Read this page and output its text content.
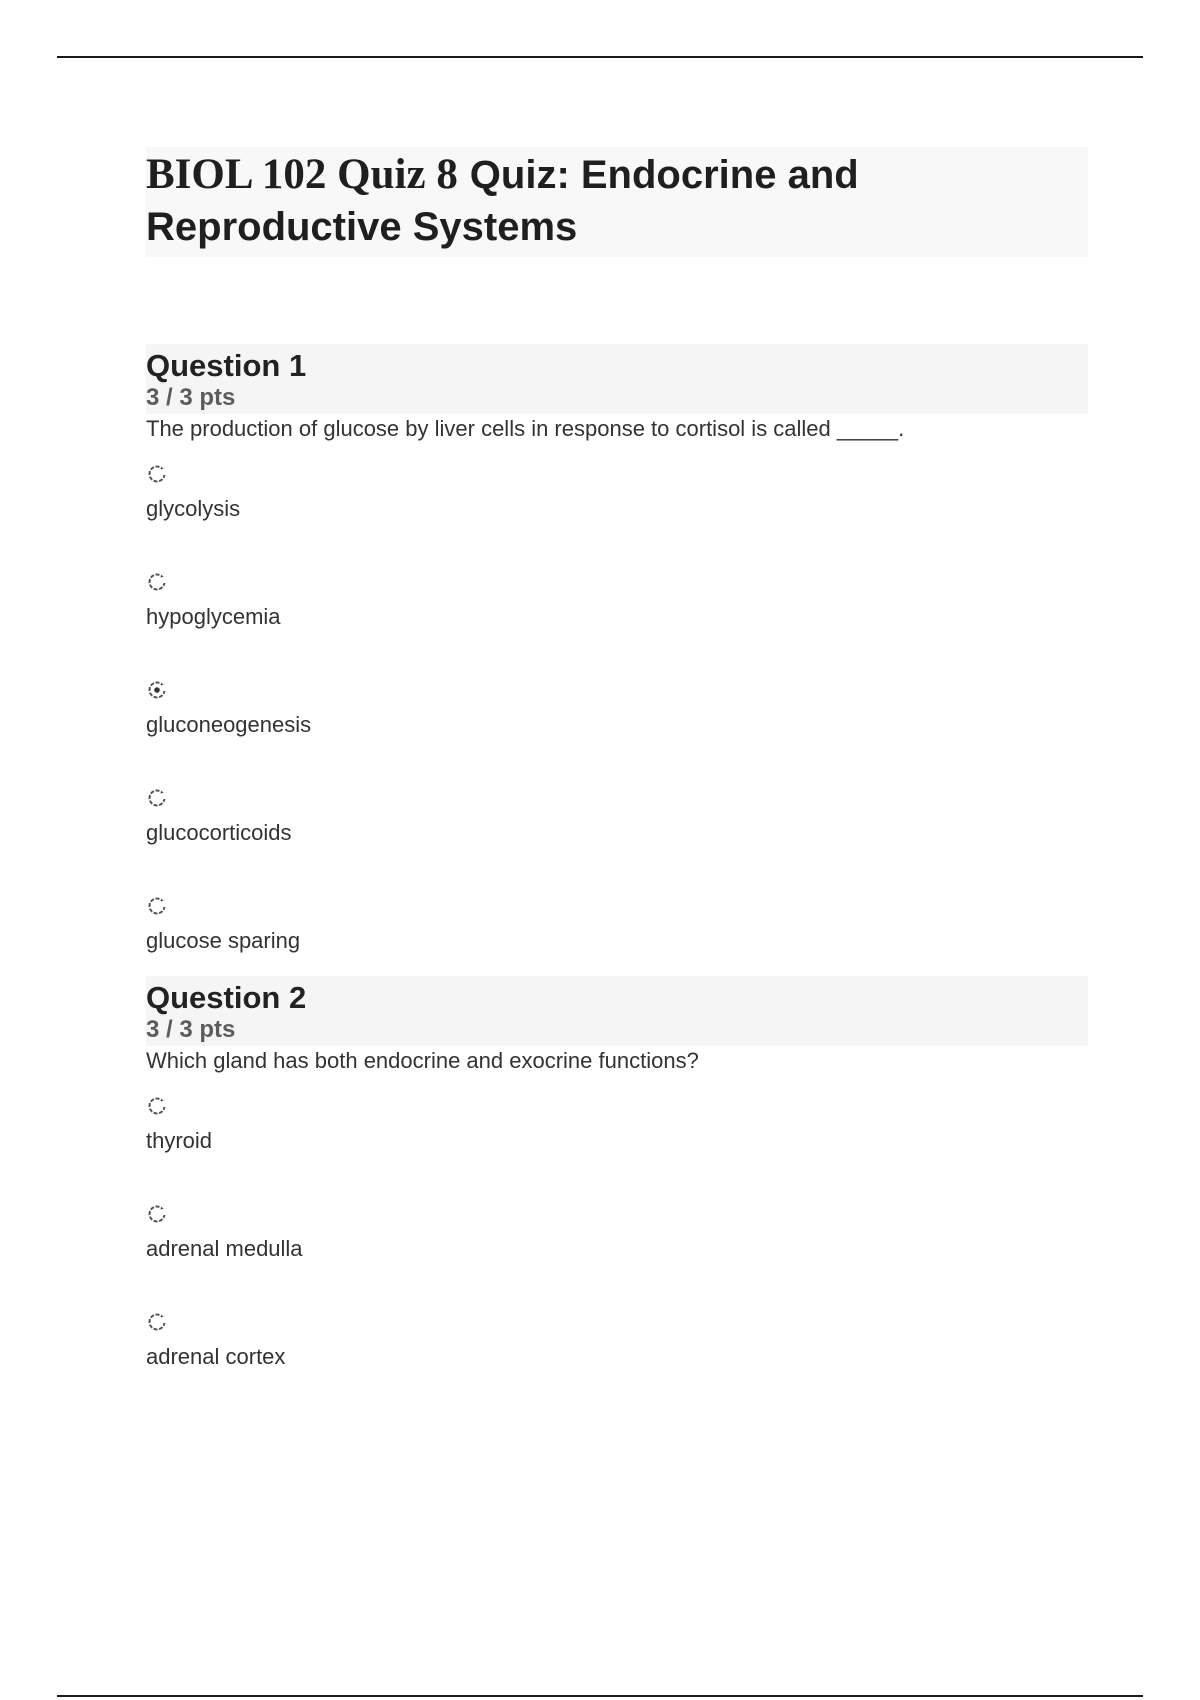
BIOL 102 Quiz 8 Quiz: Endocrine and Reproductive Systems
Question 1
3 / 3 pts
The production of glucose by liver cells in response to cortisol is called _____.
glycolysis
hypoglycemia
gluconeogenesis
glucocorticoids
glucose sparing
Question 2
3 / 3 pts
Which gland has both endocrine and exocrine functions?
thyroid
adrenal medulla
adrenal cortex
